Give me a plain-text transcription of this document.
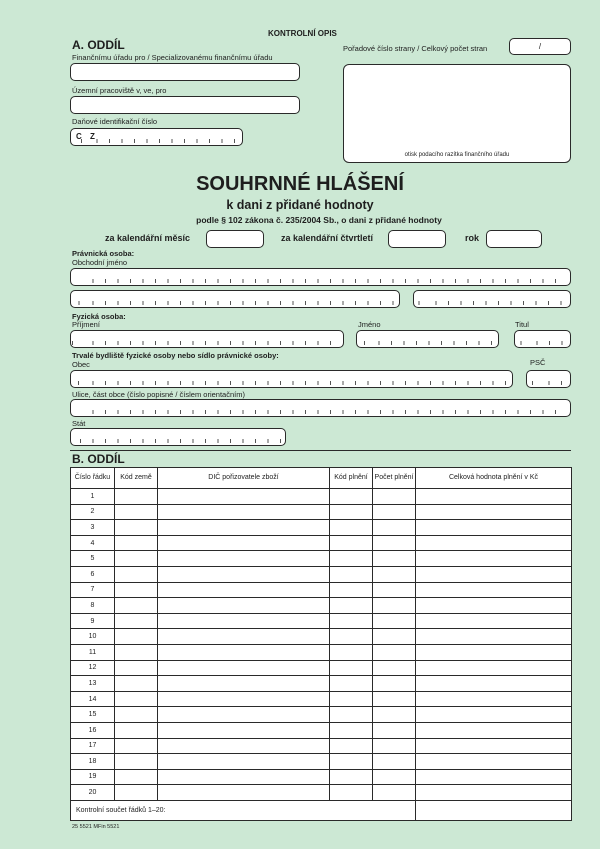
KONTROLNÍ OPIS
A. ODDÍL	Pořadové číslo strany / Celkový počet stran	/
otisk podacího razítka finančního úřadu
Finančnímu úřadu pro / Specializovanému finančnímu úřadu
Územní pracoviště v, ve, pro
Daňové identifikační číslo
C Z
SOUHRNNÉ HLÁŠENÍ
k dani z přidané hodnoty
podle § 102 zákona č. 235/2004 Sb., o dani z přidané hodnoty
za kalendářní měsíc	za kalendářní čtvrtletí	rok
Právnická osoba:
Obchodní jméno
Fyzická osoba:
Příjmení	Jméno	Titul
Trvalé bydliště fyzické osoby nebo sídlo právnické osoby:
Obec	PSČ
Ulice, část obce (číslo popisné / číslem orientačním)
Stát
B. ODDÍL
Číslo řádku	Kód země	DIČ pořizovatele zboží	Kód plnění	Počet plnění	Celková hodnota plnění v Kč
1					
2					
3					
4					
5					
6					
7					
8					
9					
10					
11					
12					
13					
14					
15					
16					
17					
18					
19					
20					
Kontrolní součet řádků 1–20:					
25 5521 MFin 5521
